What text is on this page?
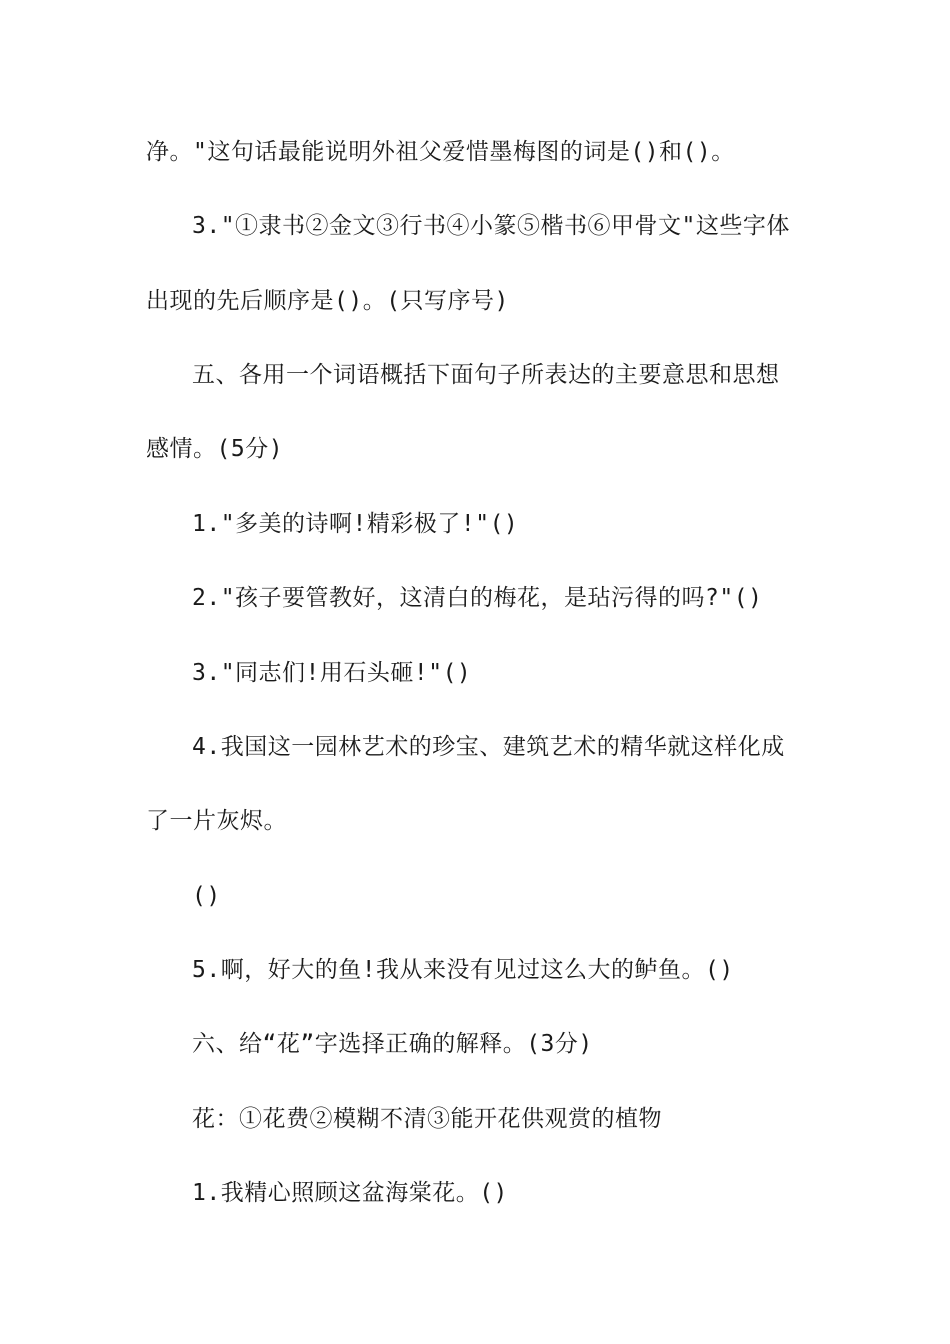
净。"这句话最能说明外祖父爱惜墨梅图的词是()和()。
3."①隶书②金文③行书④小篆⑤楷书⑥甲骨文"这些字体
出现的先后顺序是()。(只写序号)
五、各用一个词语概括下面句子所表达的主要意思和思想
感情。(5分)
1."多美的诗啊!精彩极了!"()
2."孩子要管教好，这清白的梅花，是玷污得的吗?"()
3."同志们!用石头砸!"()
4.我国这一园林艺术的珍宝、建筑艺术的精华就这样化成
了一片灰烬。
()
5.啊，好大的鱼!我从来没有见过这么大的鲈鱼。()
六、给“花”字选择正确的解释。(3分)
花：①花费②模糊不清③能开花供观赏的植物
1.我精心照顾这盆海棠花。()
